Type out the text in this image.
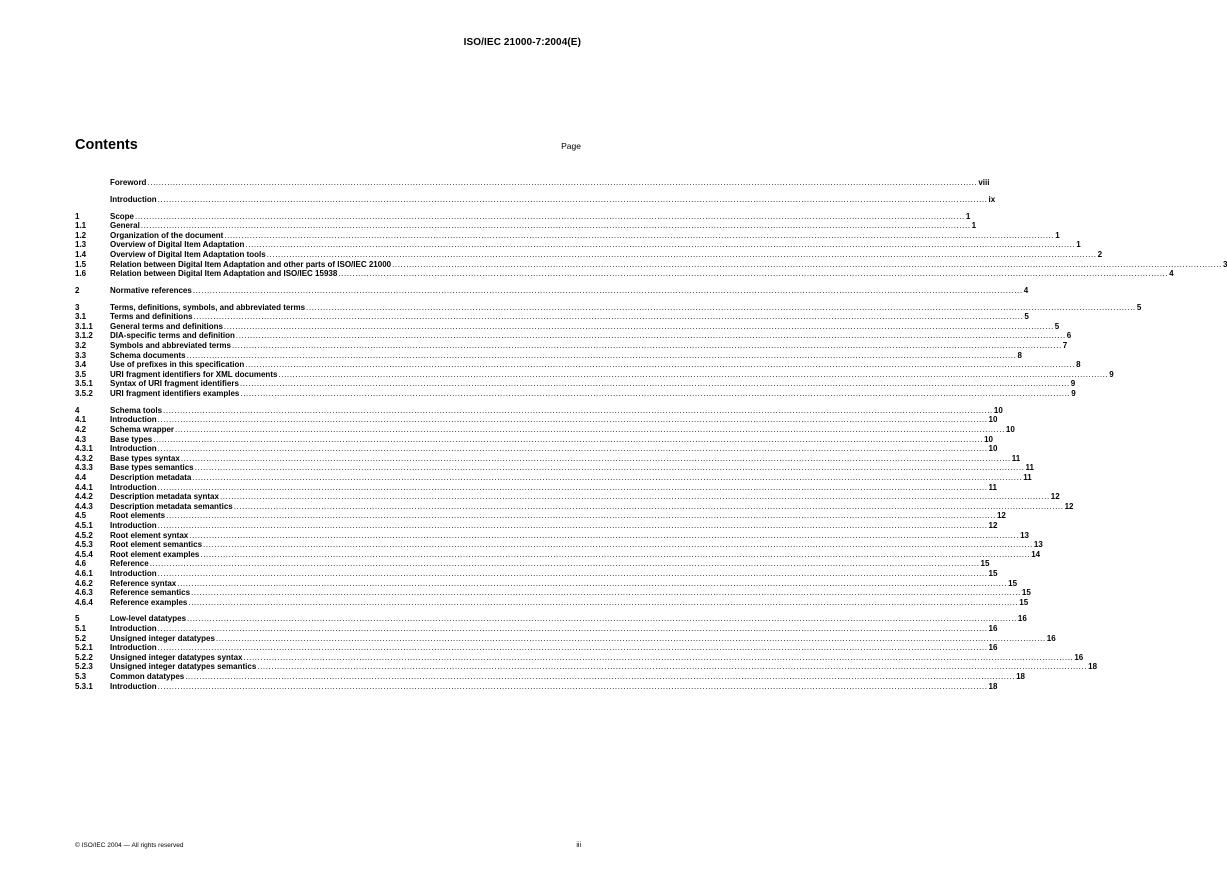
ISO/IEC 21000-7:2004(E)
Contents	Page
Foreword .....	viii
Introduction .....	ix
1	Scope .....	1
1.1	General .....	1
1.2	Organization of the document .....	1
1.3	Overview of Digital Item Adaptation .....	1
1.4	Overview of Digital Item Adaptation tools .....	2
1.5	Relation between Digital Item Adaptation and other parts of ISO/IEC 21000 .....	3
1.6	Relation between Digital Item Adaptation and ISO/IEC 15938 .....	4
2	Normative references .....	4
3	Terms, definitions, symbols, and abbreviated terms .....	5
3.1	Terms and definitions .....	5
3.1.1	General terms and definitions .....	5
3.1.2	DIA-specific terms and definition .....	6
3.2	Symbols and abbreviated terms .....	7
3.3	Schema documents .....	8
3.4	Use of prefixes in this specification .....	8
3.5	URI fragment identifiers for XML documents .....	9
3.5.1	Syntax of URI fragment identifiers .....	9
3.5.2	URI fragment identifiers examples .....	9
4	Schema tools .....	10
4.1	Introduction .....	10
4.2	Schema wrapper .....	10
4.3	Base types .....	10
4.3.1	Introduction .....	10
4.3.2	Base types syntax .....	11
4.3.3	Base types semantics .....	11
4.4	Description metadata .....	11
4.4.1	Introduction .....	11
4.4.2	Description metadata syntax .....	12
4.4.3	Description metadata semantics .....	12
4.5	Root elements .....	12
4.5.1	Introduction .....	12
4.5.2	Root element syntax .....	13
4.5.3	Root element semantics .....	13
4.5.4	Root element examples .....	14
4.6	Reference .....	15
4.6.1	Introduction .....	15
4.6.2	Reference syntax .....	15
4.6.3	Reference semantics .....	15
4.6.4	Reference examples .....	15
5	Low-level datatypes .....	16
5.1	Introduction .....	16
5.2	Unsigned integer datatypes .....	16
5.2.1	Introduction .....	16
5.2.2	Unsigned integer datatypes syntax .....	16
5.2.3	Unsigned integer datatypes semantics .....	18
5.3	Common datatypes .....	18
5.3.1	Introduction .....	18
© ISO/IEC 2004 — All rights reserved	iii
